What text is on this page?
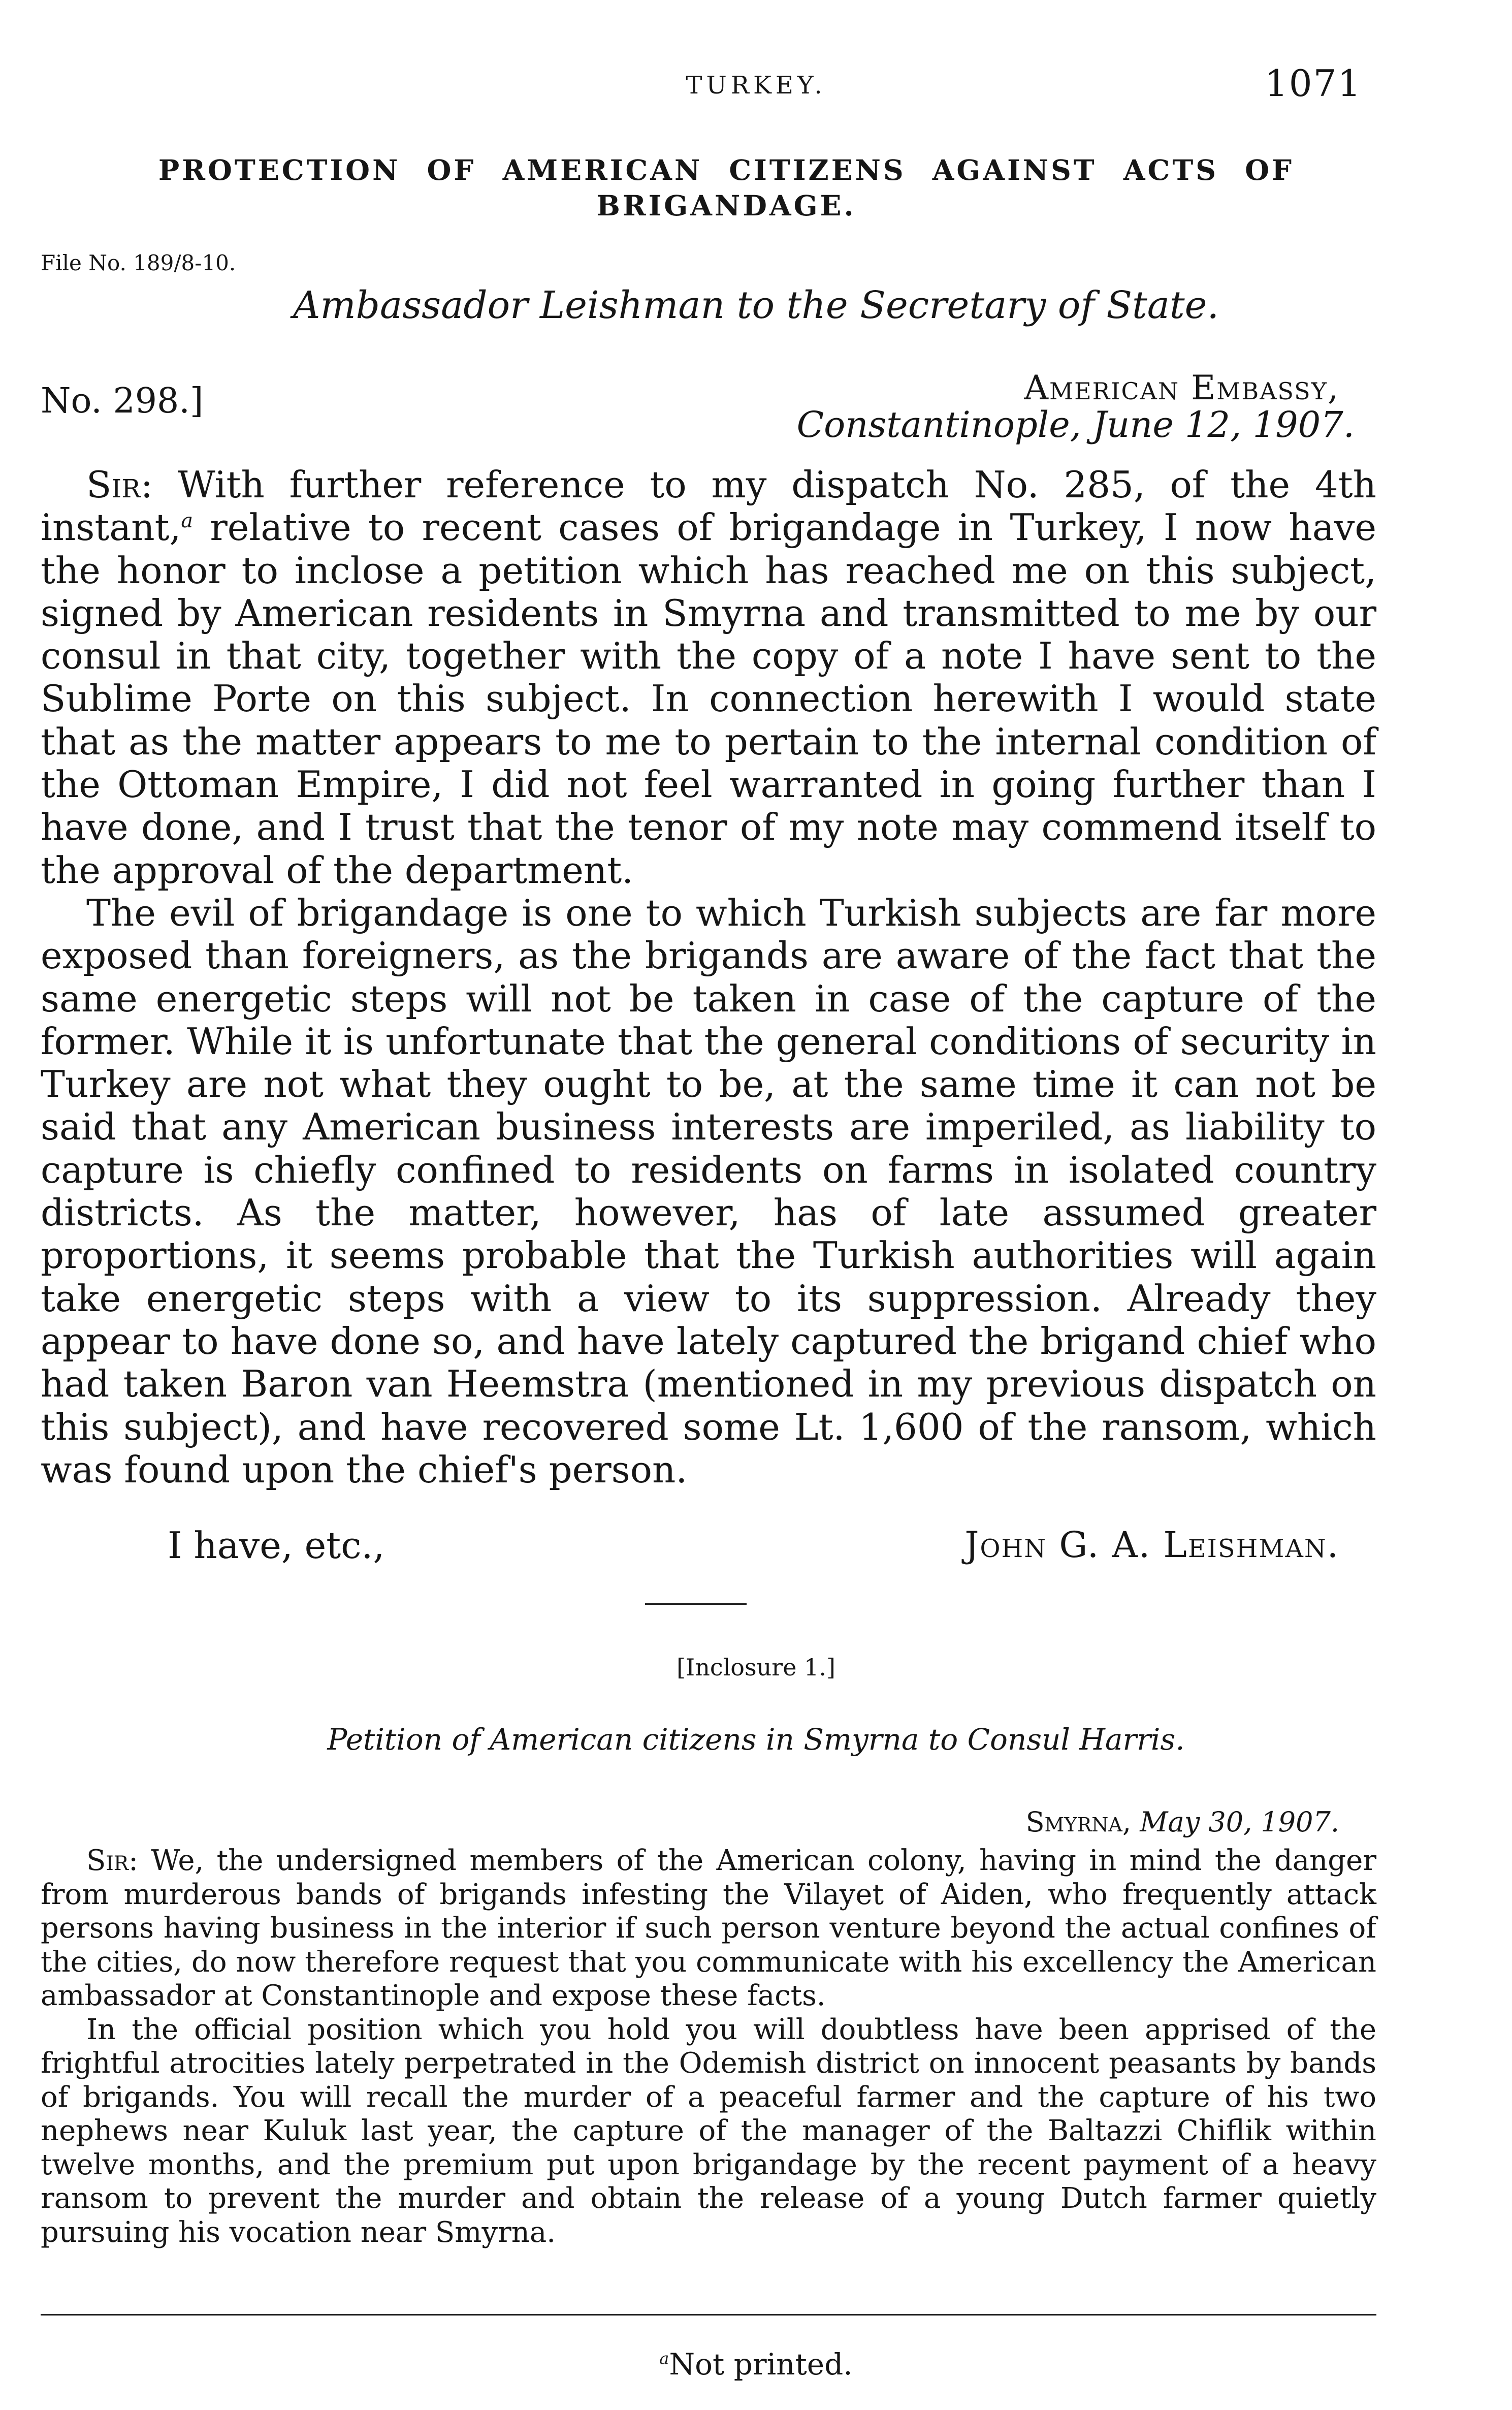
TURKEY.	1071
PROTECTION OF AMERICAN CITIZENS AGAINST ACTS OF
BRIGANDAGE.
File No. 189/8-10.
Ambassador Leishman to the Secretary of State.
No. 298.]	American Embassy,
Constantinople, June 12, 1907.

Sir: With further reference to my dispatch No. 285, of the 4th instant,$^a$ relative to recent cases of brigandage in Turkey, I now have the honor to inclose a petition which has reached me on this subject, signed by American residents in Smyrna and transmitted to me by our consul in that city, together with the copy of a note I have sent to the Sublime Porte on this subject. In connection herewith I would state that as the matter appears to me to pertain to the internal condition of the Ottoman Empire, I did not feel warranted in going further than I have done, and I trust that the tenor of my note may commend itself to the approval of the department.

The evil of brigandage is one to which Turkish subjects are far more exposed than foreigners, as the brigands are aware of the fact that the same energetic steps will not be taken in case of the capture of the former. While it is unfortunate that the general conditions of security in Turkey are not what they ought to be, at the same time it can not be said that any American business interests are imperiled, as liability to capture is chiefly confined to residents on farms in isolated country districts. As the matter, however, has of late assumed greater proportions, it seems probable that the Turkish authorities will again take energetic steps with a view to its suppression. Already they appear to have done so, and have lately captured the brigand chief who had taken Baron van Heemstra (mentioned in my previous dispatch on this subject), and have recovered some Lt. 1,600 of the ransom, which was found upon the chief's person.

I have, etc.,	John G. A. Leishman.
[Inclosure 1.]
Petition of American citizens in Smyrna to Consul Harris.
Smyrna, May 30, 1907.

Sir: We, the undersigned members of the American colony, having in mind the danger from murderous bands of brigands infesting the Vilayet of Aiden, who frequently attack persons having business in the interior if such person venture beyond the actual confines of the cities, do now therefore request that you communicate with his excellency the American ambassador at Constantinople and expose these facts.

In the official position which you hold you will doubtless have been apprised of the frightful atrocities lately perpetrated in the Odemish district on innocent peasants by bands of brigands. You will recall the murder of a peaceful farmer and the capture of his two nephews near Kuluk last year, the capture of the manager of the Baltazzi Chiflik within twelve months, and the premium put upon brigandage by the recent payment of a heavy ransom to prevent the murder and obtain the release of a young Dutch farmer quietly pursuing his vocation near Smyrna.

$^a$Not printed.
